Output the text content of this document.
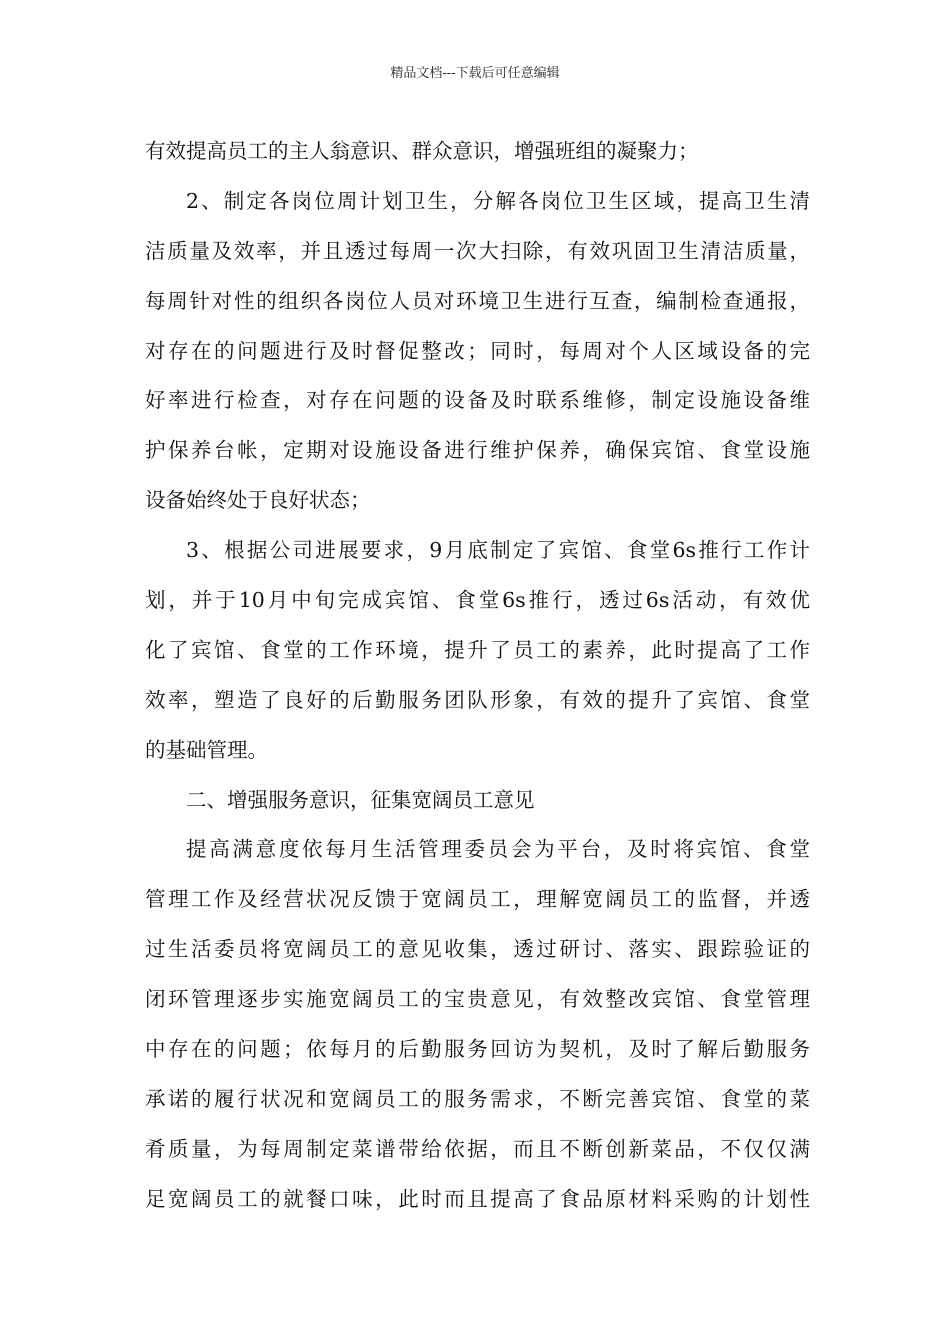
精品文档---下载后可任意编辑
有效提高员工的主人翁意识、群众意识，增强班组的凝聚力；
2、制定各岗位周计划卫生，分解各岗位卫生区域，提高卫生清
洁质量及效率，并且透过每周一次大扫除，有效巩固卫生清洁质量，
每周针对性的组织各岗位人员对环境卫生进行互查，编制检查通报，
对存在的问题进行及时督促整改；同时，每周对个人区域设备的完
好率进行检查，对存在问题的设备及时联系维修，制定设施设备维
护保养台帐，定期对设施设备进行维护保养，确保宾馆、食堂设施
设备始终处于良好状态；
3、根据公司进展要求，9月底制定了宾馆、食堂6s推行工作计
划，并于10月中旬完成宾馆、食堂6s推行，透过6s活动，有效优
化了宾馆、食堂的工作环境，提升了员工的素养，此时提高了工作
效率，塑造了良好的后勤服务团队形象，有效的提升了宾馆、食堂
的基础管理。
二、增强服务意识，征集宽阔员工意见
提高满意度依每月生活管理委员会为平台，及时将宾馆、食堂
管理工作及经营状况反馈于宽阔员工，理解宽阔员工的监督，并透
过生活委员将宽阔员工的意见收集，透过研讨、落实、跟踪验证的
闭环管理逐步实施宽阔员工的宝贵意见，有效整改宾馆、食堂管理
中存在的问题；依每月的后勤服务回访为契机，及时了解后勤服务
承诺的履行状况和宽阔员工的服务需求，不断完善宾馆、食堂的菜
肴质量，为每周制定菜谱带给依据，而且不断创新菜品，不仅仅满
足宽阔员工的就餐口味，此时而且提高了食品原材料采购的计划性
